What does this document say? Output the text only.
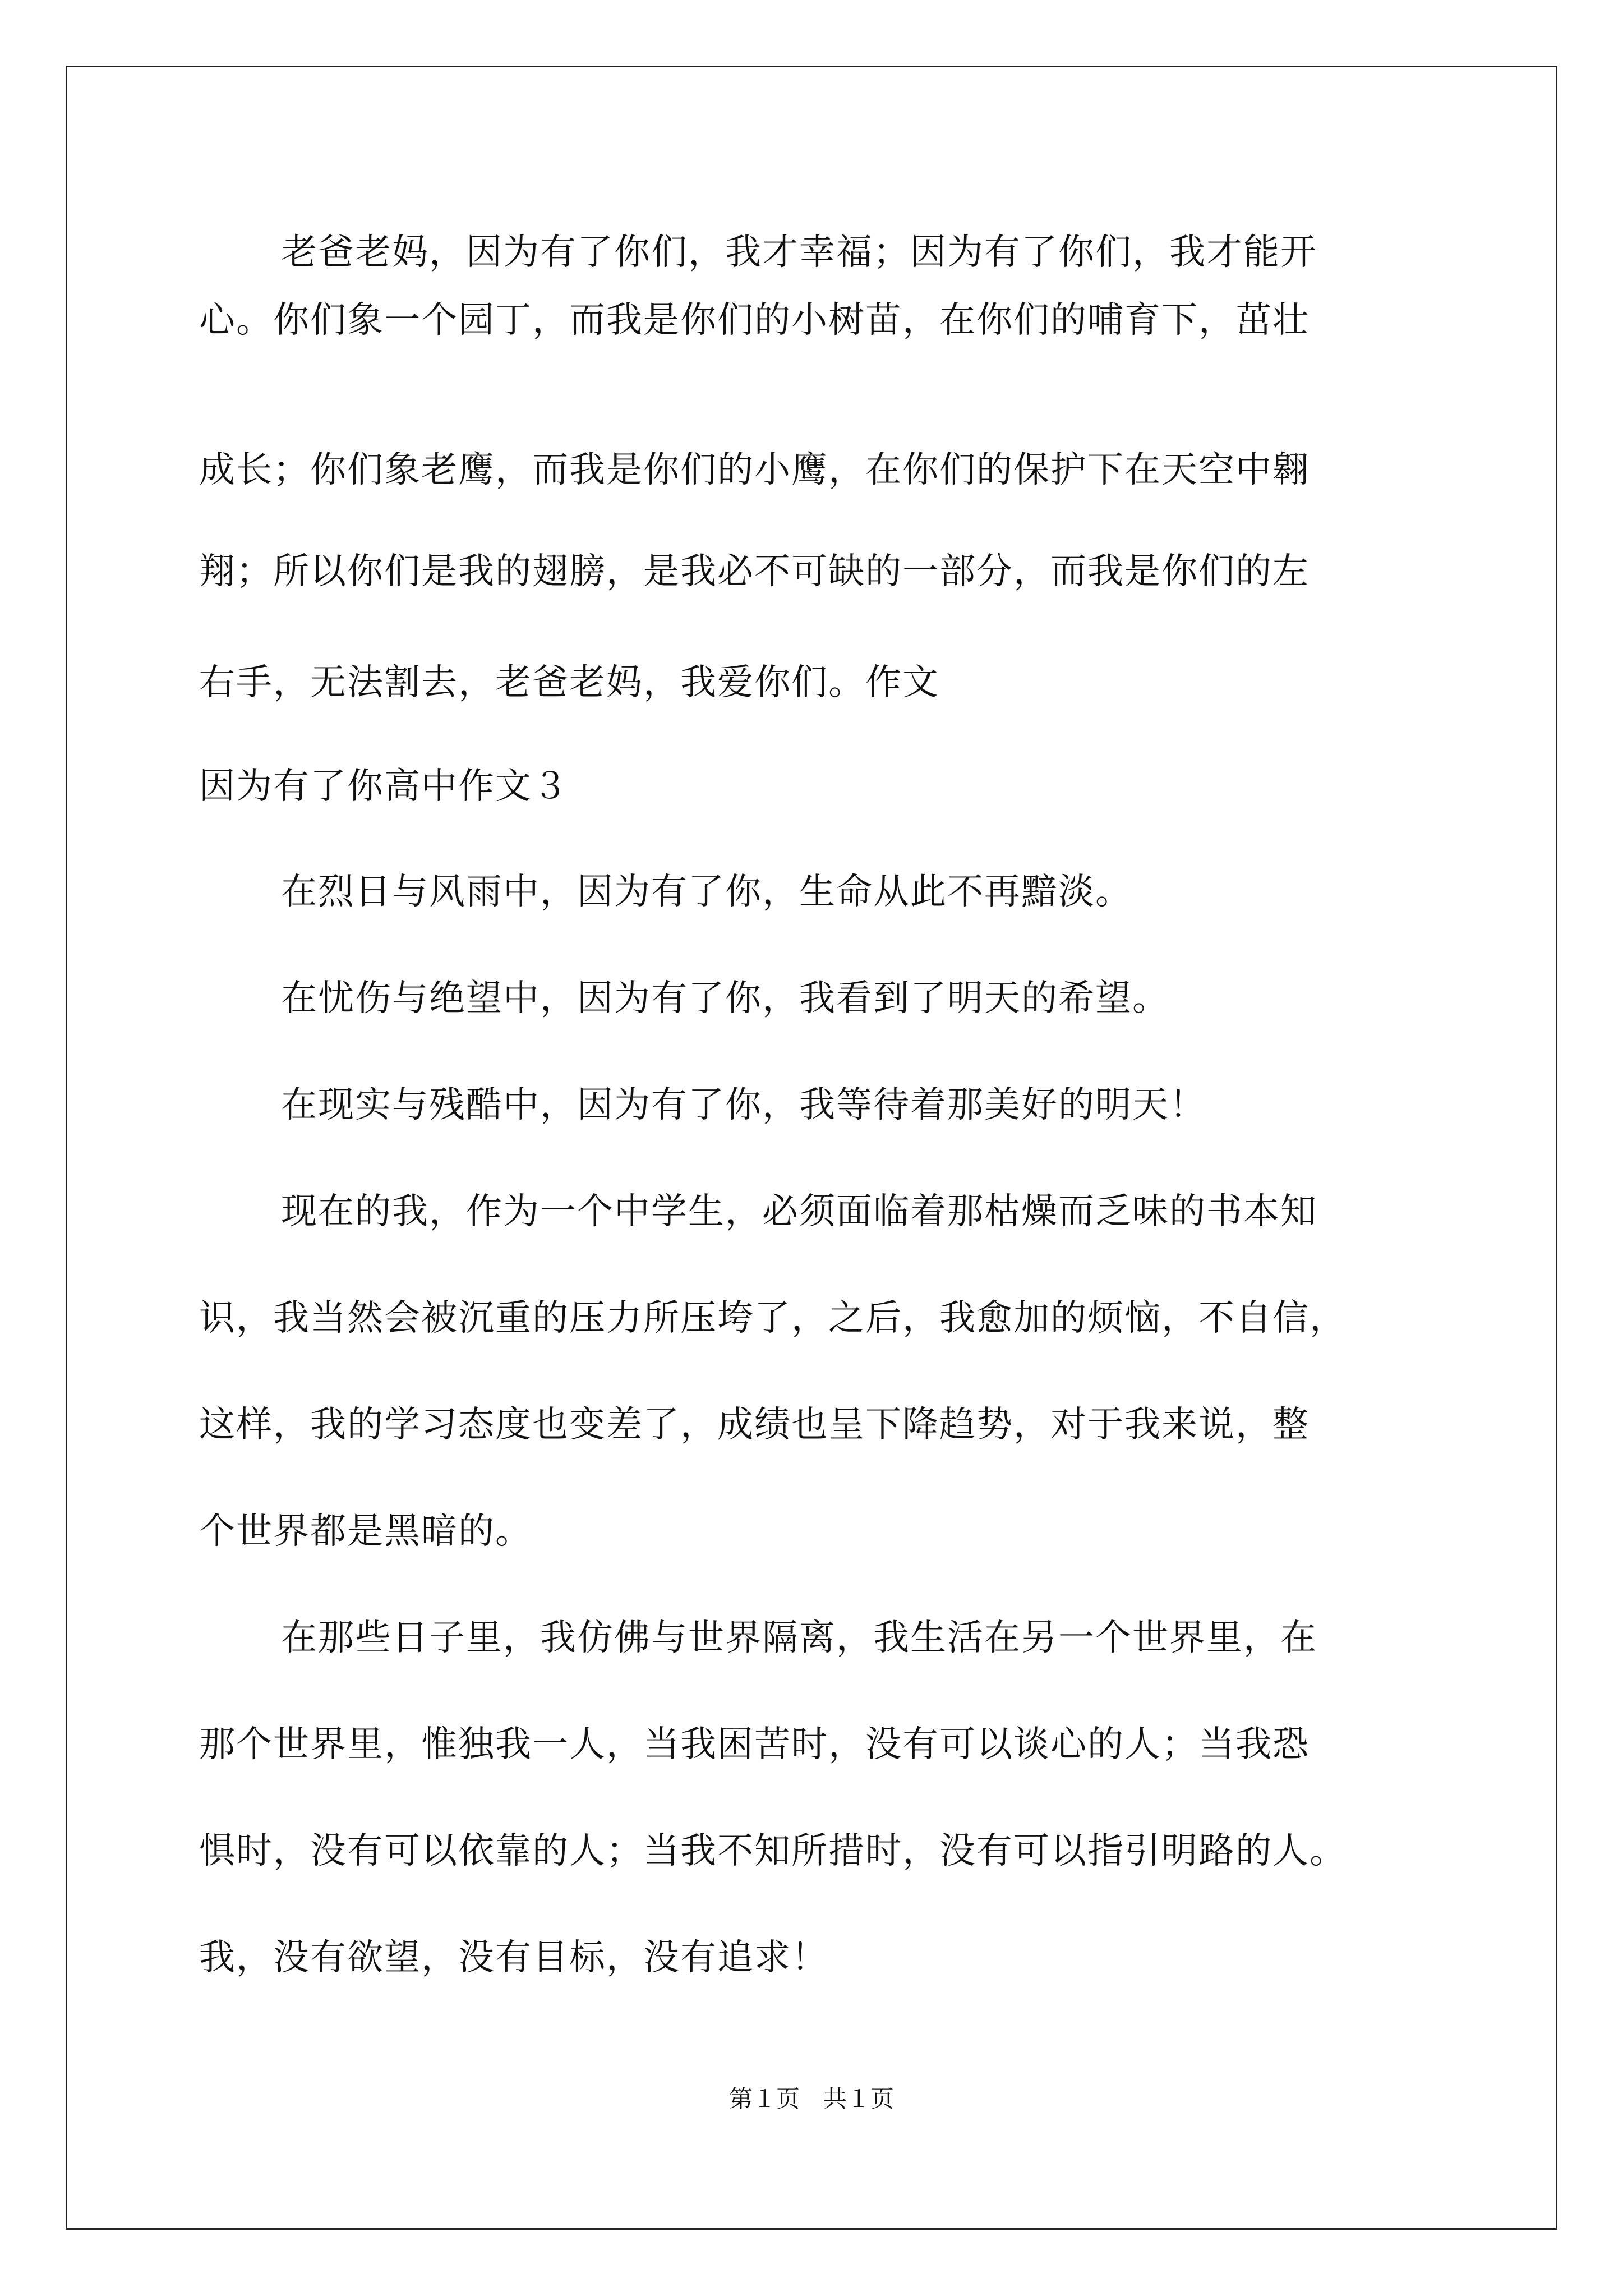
老爸老妈，因为有了你们，我才幸福；因为有了你们，我才能开
心。你们象一个园丁，而我是你们的小树苗，在你们的哺育下，茁壮
成长；你们象老鹰，而我是你们的小鹰，在你们的保护下在天空中翱
翔；所以你们是我的翅膀，是我必不可缺的一部分，而我是你们的左
右手，无法割去，老爸老妈，我爱你们。作文
因为有了你高中作文３
在烈日与风雨中，因为有了你，生命从此不再黯淡。
在忧伤与绝望中，因为有了你，我看到了明天的希望。
在现实与残酷中，因为有了你，我等待着那美好的明天！
现在的我，作为一个中学生，必须面临着那枯燥而乏味的书本知
识，我当然会被沉重的压力所压垮了，之后，我愈加的烦恼，不自信，
这样，我的学习态度也变差了，成绩也呈下降趋势，对于我来说，整
个世界都是黑暗的。
在那些日子里，我仿佛与世界隔离，我生活在另一个世界里，在
那个世界里，惟独我一人，当我困苦时，没有可以谈心的人；当我恐
惧时，没有可以依靠的人；当我不知所措时，没有可以指引明路的人。
我，没有欲望，没有目标，没有追求！
第１页　共１页
